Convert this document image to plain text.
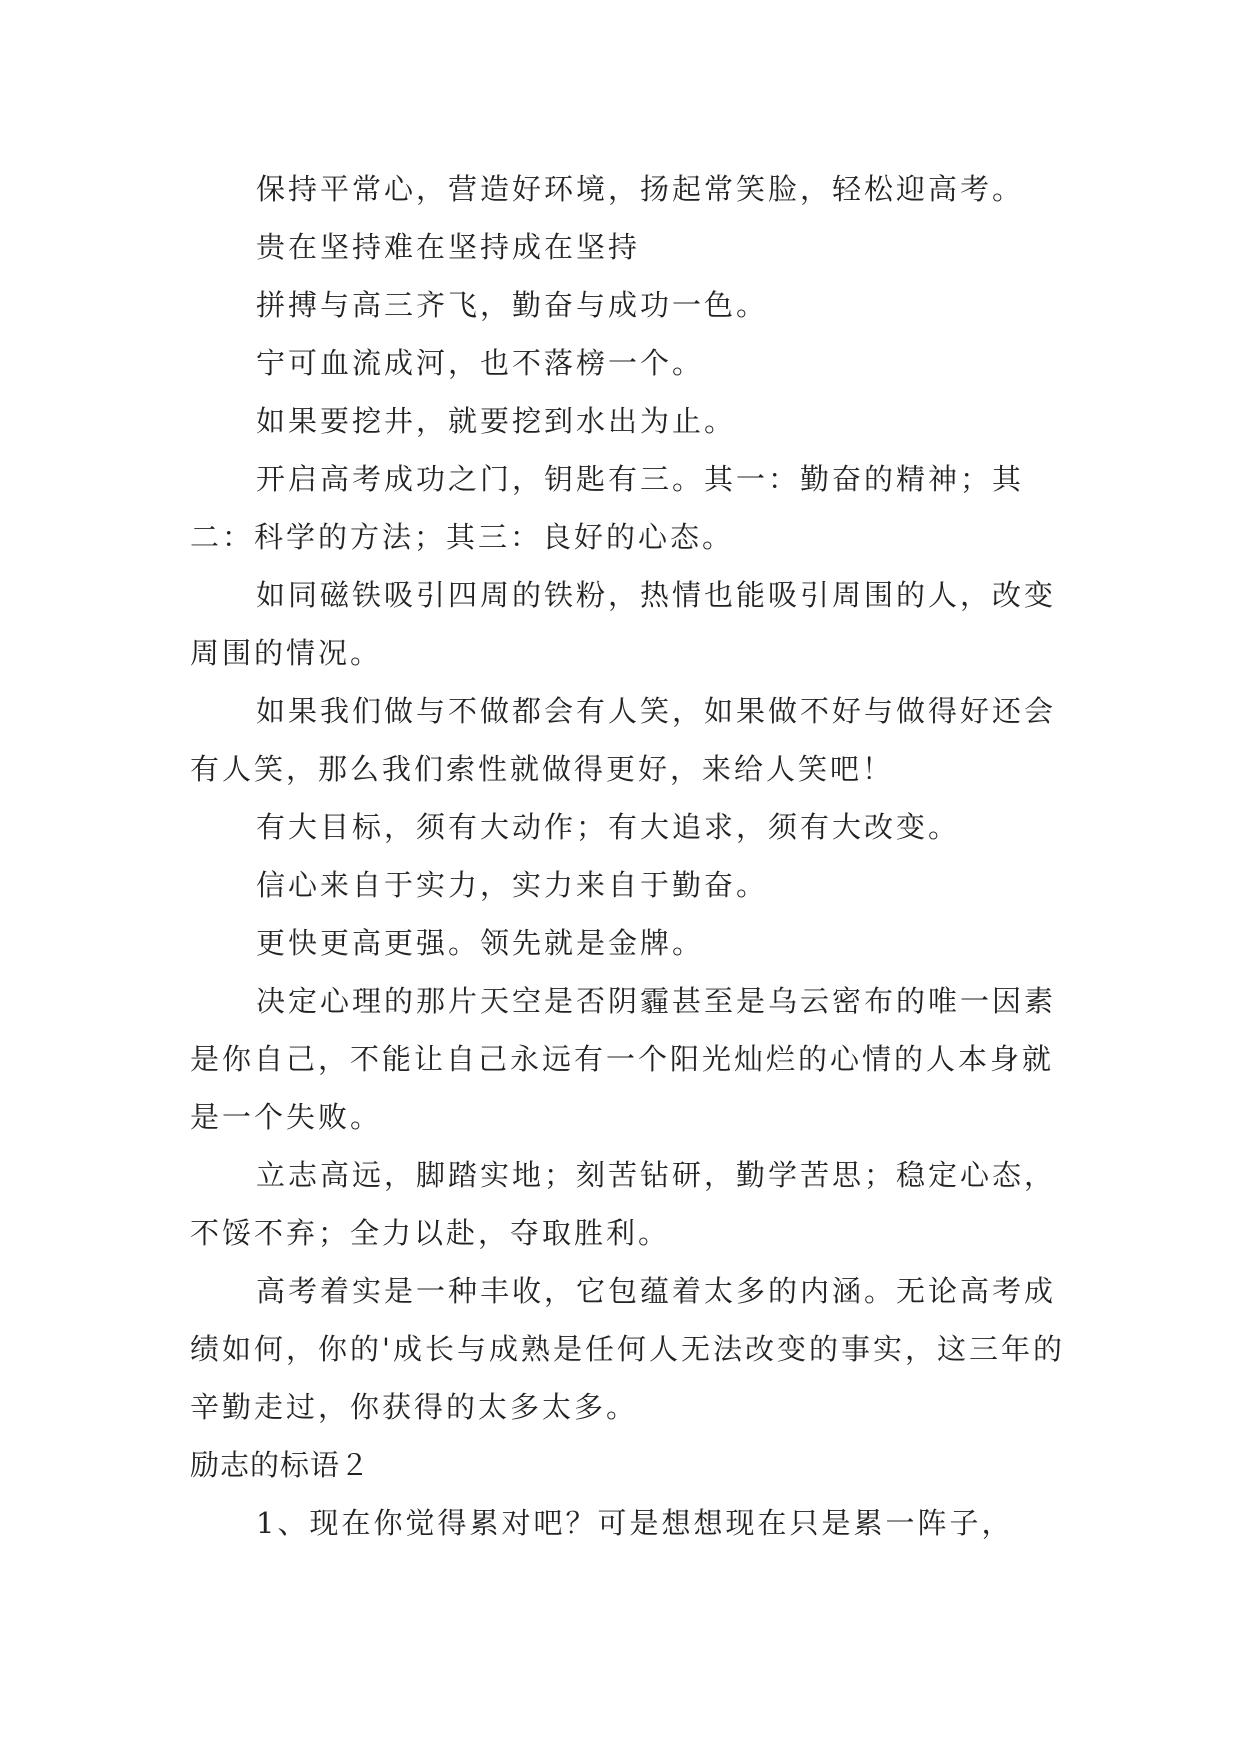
保持平常心，营造好环境，扬起常笑脸，轻松迎高考。

贵在坚持难在坚持成在坚持

拼搏与高三齐飞，勤奋与成功一色。

宁可血流成河，也不落榜一个。

如果要挖井，就要挖到水出为止。

开启高考成功之门，钥匙有三。其一：勤奋的精神；其二：科学的方法；其三：良好的心态。

如同磁铁吸引四周的铁粉，热情也能吸引周围的人，改变周围的情况。

如果我们做与不做都会有人笑，如果做不好与做得好还会有人笑，那么我们索性就做得更好，来给人笑吧！

有大目标，须有大动作；有大追求，须有大改变。

信心来自于实力，实力来自于勤奋。

更快更高更强。领先就是金牌。

决定心理的那片天空是否阴霾甚至是乌云密布的唯一因素是你自己，不能让自己永远有一个阳光灿烂的心情的人本身就是一个失败。

立志高远，脚踏实地；刻苦钻研，勤学苦思；稳定心态，不馁不弃；全力以赴，夺取胜利。

高考着实是一种丰收，它包蕴着太多的内涵。无论高考成绩如何，你的'成长与成熟是任何人无法改变的事实，这三年的辛勤走过，你获得的太多太多。

励志的标语２

1、现在你觉得累对吧？可是想想现在只是累一阵子，
